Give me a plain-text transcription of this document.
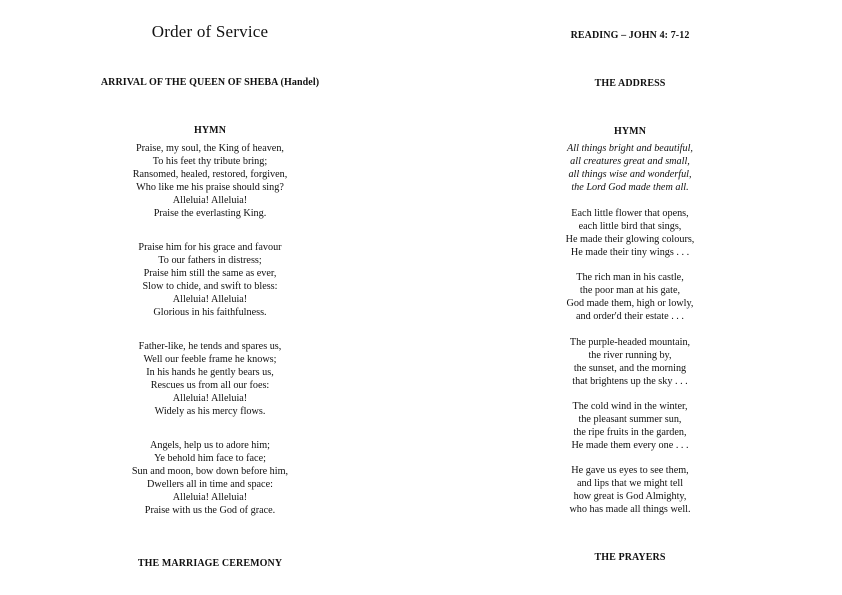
Order of Service
ARRIVAL OF THE QUEEN OF SHEBA (Handel)
HYMN
Praise, my soul, the King of heaven,
To his feet thy tribute bring;
Ransomed, healed, restored, forgiven,
Who like me his praise should sing?
Alleluia! Alleluia!
Praise the everlasting King.
Praise him for his grace and favour
To our fathers in distress;
Praise him still the same as ever,
Slow to chide, and swift to bless:
Alleluia! Alleluia!
Glorious in his faithfulness.
Father-like, he tends and spares us,
Well our feeble frame he knows;
In his hands he gently bears us,
Rescues us from all our foes:
Alleluia! Alleluia!
Widely as his mercy flows.
Angels, help us to adore him;
Ye behold him face to face;
Sun and moon, bow down before him,
Dwellers all in time and space:
Alleluia! Alleluia!
Praise with us the God of grace.
THE MARRIAGE CEREMONY
READING – JOHN 4: 7-12
THE ADDRESS
HYMN
All things bright and beautiful,
all creatures great and small,
all things wise and wonderful,
the Lord God made them all.
Each little flower that opens,
each little bird that sings,
He made their glowing colours,
He made their tiny wings . . .
The rich man in his castle,
the poor man at his gate,
God made them, high or lowly,
and order'd their estate . . .
The purple-headed mountain,
the river running by,
the sunset, and the morning
that brightens up the sky . . .
The cold wind in the winter,
the pleasant summer sun,
the ripe fruits in the garden,
He made them every one . . .
He gave us eyes to see them,
and lips that we might tell
how great is God Almighty,
who has made all things well.
THE PRAYERS
